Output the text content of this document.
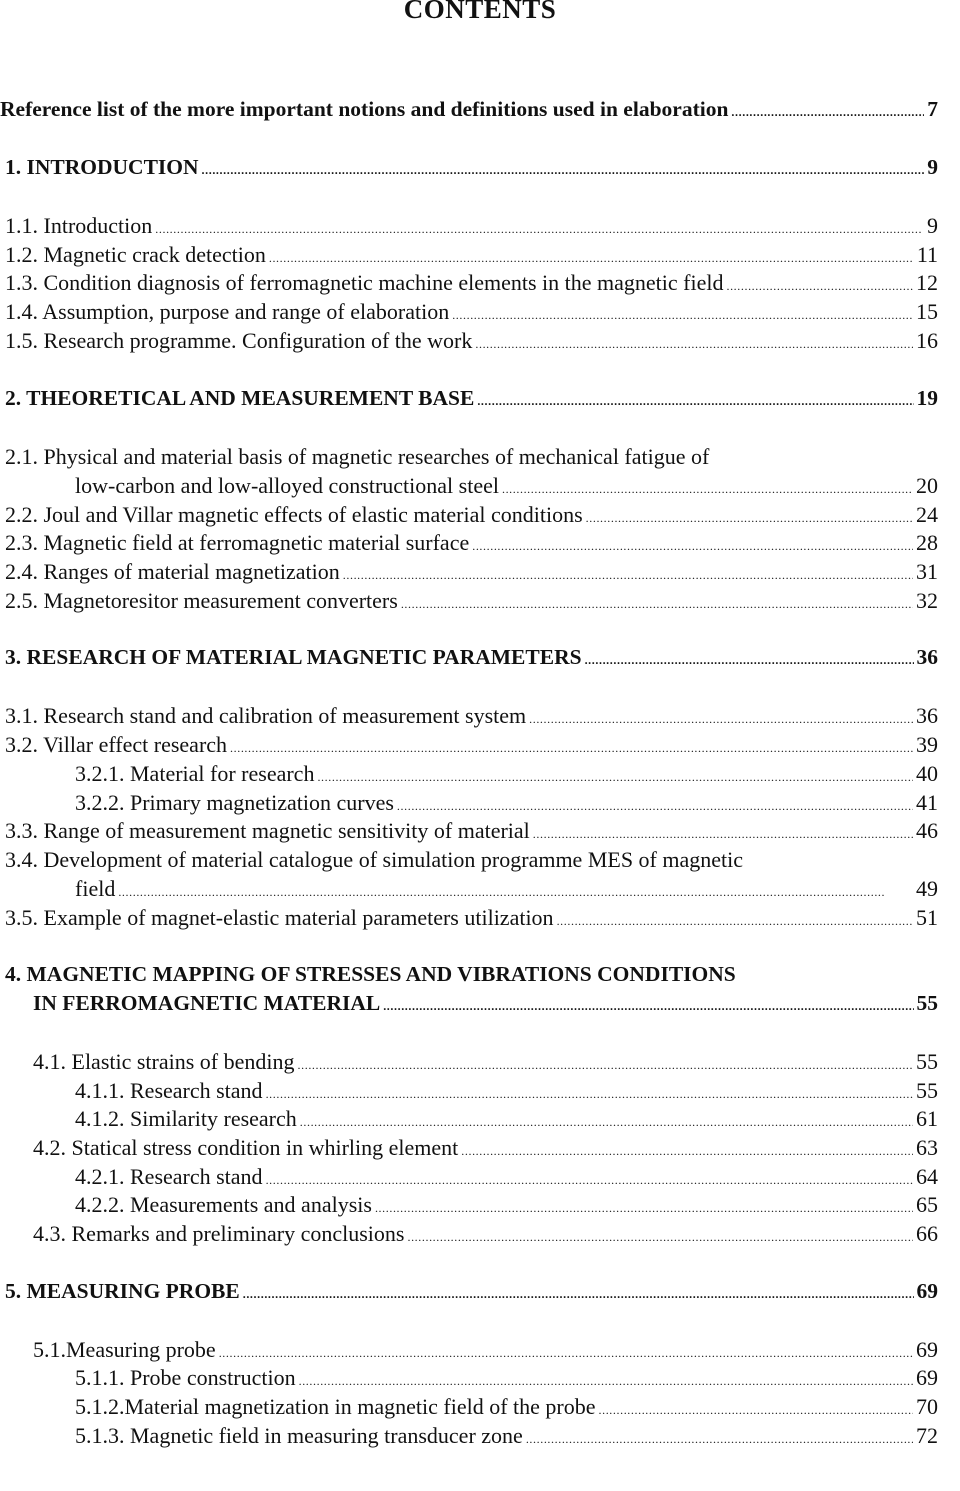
CONTENTS
Reference list of the more important notions and definitions used in elaboration . . .	7
1. INTRODUCTION . . .	9
1.1. Introduction . . .	9
1.2. Magnetic crack detection . . .	11
1.3. Condition diagnosis of ferromagnetic machine elements in the magnetic field . . .	12
1.4. Assumption, purpose and range of elaboration . . .	15
1.5. Research programme. Configuration of the work . . .	16
2. THEORETICAL AND MEASUREMENT BASE . . .	19
2.1. Physical and material basis of magnetic researches of mechanical fatigue of
low-carbon and low-alloyed constructional steel . . .	20
2.2. Joul and Villar magnetic effects of elastic material conditions . . .	24
2.3. Magnetic field at ferromagnetic material surface . . .	28
2.4. Ranges of material magnetization . . .	31
2.5. Magnetoresitor measurement converters . . .	32
3. RESEARCH OF MATERIAL MAGNETIC PARAMETERS . . .	36
3.1. Research stand and calibration of measurement system . . .	36
3.2. Villar effect research . . .	39
3.2.1. Material for research . . .	40
3.2.2. Primary magnetization curves . . .	41
3.3. Range of measurement magnetic sensitivity of material . . .	46
3.4. Development of material catalogue of simulation programme MES of magnetic
field . . .	49
3.5. Example of magnet-elastic material parameters utilization . . .	51
4. MAGNETIC MAPPING OF STRESSES AND VIBRATIONS CONDITIONS
IN FERROMAGNETIC MATERIAL . . .	55
4.1. Elastic strains of bending . . .	55
4.1.1. Research stand . . .	55
4.1.2. Similarity research . . .	61
4.2. Statical stress condition in whirling element . . .	63
4.2.1. Research stand . . .	64
4.2.2. Measurements and analysis . . .	65
4.3. Remarks and preliminary conclusions . . .	66
5. MEASURING PROBE . . .	69
5.1.Measuring probe . . .	69
5.1.1. Probe construction . . .	69
5.1.2.Material magnetization in magnetic field of the probe . . .	70
5.1.3. Magnetic field in measuring transducer zone . . .	72
